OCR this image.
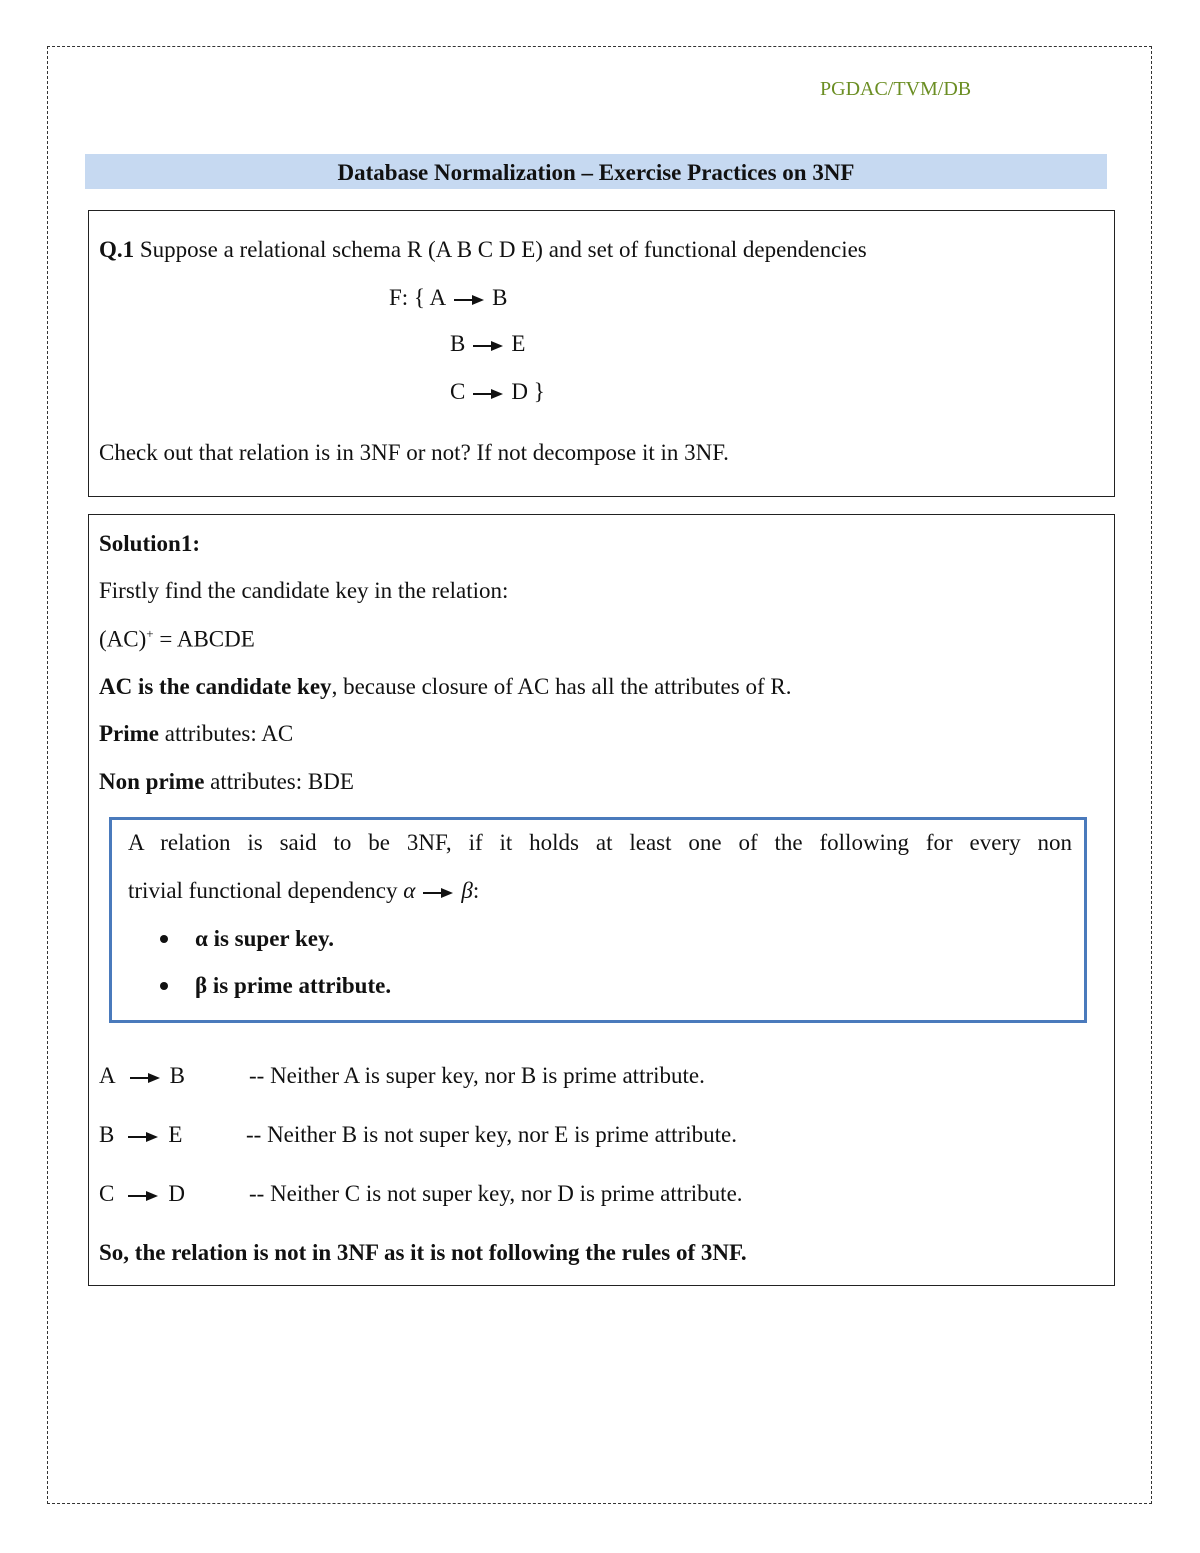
PGDAC/TVM/DB
Database Normalization – Exercise Practices on 3NF
Q.1 Suppose a relational schema R (A B C D E) and set of functional dependencies
F: { A B
B E
C D }
Check out that relation is in 3NF or not? If not decompose it in 3NF.
Solution1:
Firstly find the candidate key in the relation:
(AC)+ = ABCDE
AC is the candidate key, because closure of AC has all the attributes of R.
Prime attributes: AC
Non prime attributes: BDE
A relation is said to be 3NF, if it holds at least one of the following for every non
trivial functional dependency α β:
α is super key.
β is prime attribute.
A B	-- Neither A is super key, nor B is prime attribute.
B E	-- Neither B is not super key, nor E is prime attribute.
C D	-- Neither C is not super key, nor D is prime attribute.
So, the relation is not in 3NF as it is not following the rules of 3NF.
